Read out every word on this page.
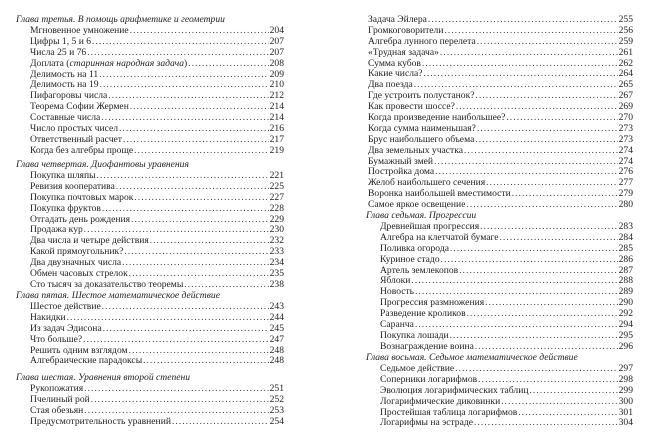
Глава третья. В помощь арифметике и геометрии
Мгновенное умножение .....	204
Цифры 1, 5 и 6 .....	207
Числа 25 и 76 .....	207
Доплата (старинная народная задача) .....	208
Делимость на 11 .....	209
Делимость на 19 .....	210
Пифагоровы числа .....	212
Теорема Софии Жермен .....	214
Составные числа .....	214
Число простых чисел .....	216
Ответственный расчет .....	217
Когда без алгебры проще .....	219
Глава четвертая. Диофантовы уравнения
Покупка шляпы .....	221
Ревизия кооператива .....	225
Покупка почтовых марок .....	227
Покупка фруктов .....	228
Отгадать день рождения .....	229
Продажа кур .....	230
Два числа и четыре действия .....	232
Какой прямоугольник? .....	233
Два двузначных числа .....	234
Обмен часовых стрелок .....	235
Сто тысяч за доказательство теоремы .....	238
Глава пятая. Шестое математическое действие
Шестое действие .....	243
Накидки .....	244
Из задач Эдисона .....	245
Что больше? .....	247
Решить одним взглядом .....	248
Алгебраические парадоксы .....	248
Глава шестая. Уравнения второй степени
Рукопожатия .....	251
Пчелиный рой .....	252
Стая обезьян .....	253
Предусмотрительность уравнений .....	254
Задача Эйлера .....	255
Громкоговорители .....	256
Алгебра лунного перелета .....	259
«Трудная задача» .....	261
Сумма кубов .....	262
Какие числа? .....	264
Два поезда .....	265
Где устроить полустанок? .....	267
Как провести шоссе? .....	269
Когда произведение наибольшее? .....	270
Когда сумма наименьшая? .....	273
Брус наибольшего объема .....	273
Два земельных участка .....	274
Бумажный змей .....	274
Постройка дома .....	276
Желоб наибольшего сечения .....	277
Воронка наибольшей вместимости .....	279
Самое яркое освещение .....	280
Глава седьмая. Прогрессии
Древнейшая прогрессия .....	283
Алгебра на клетчатой бумаге .....	284
Поливка огорода .....	285
Куриное стадо .....	286
Артель землекопов .....	287
Яблоки .....	288
Новость .....	289
Прогрессия размножения .....	290
Разведение кроликов .....	292
Саранча .....	294
Покупка лошади .....	295
Вознаграждение воина .....	296
Глава восьмая. Седьмое математическое действие
Седьмое действие .....	297
Соперники логарифмов .....	298
Эволюция логарифмических таблиц .....	299
Логарифмические диковинки .....	300
Простейшая таблица логарифмов .....	301
Логарифмы на эстраде .....	304
